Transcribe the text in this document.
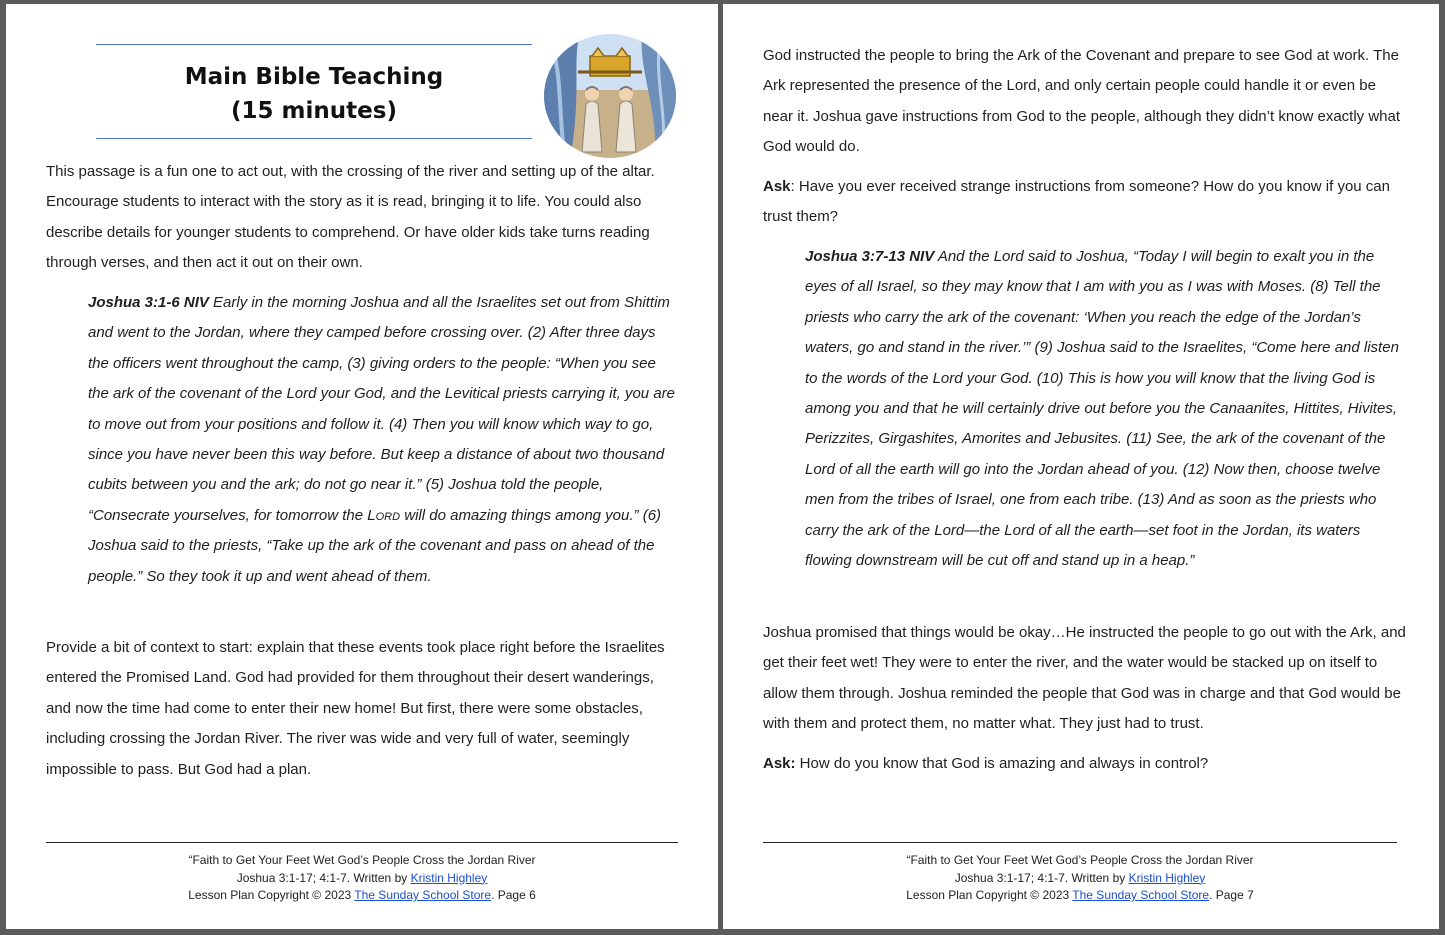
Main Bible Teaching
(15 minutes)

This passage is a fun one to act out, with the crossing of the river and setting up of the altar. Encourage students to interact with the story as it is read, bringing it to life. You could also describe details for younger students to comprehend. Or have older kids take turns reading through verses, and then act it out on their own.

Joshua 3:1-6 NIV Early in the morning Joshua and all the Israelites set out from Shittim and went to the Jordan, where they camped before crossing over. (2) After three days the officers went throughout the camp, (3) giving orders to the people: “When you see the ark of the covenant of the Lord your God, and the Levitical priests carrying it, you are to move out from your positions and follow it. (4) Then you will know which way to go, since you have never been this way before. But keep a distance of about two thousand cubits between you and the ark; do not go near it.” (5) Joshua told the people, “Consecrate yourselves, for tomorrow the Lord will do amazing things among you.” (6) Joshua said to the priests, “Take up the ark of the covenant and pass on ahead of the people.” So they took it up and went ahead of them.

Provide a bit of context to start: explain that these events took place right before the Israelites entered the Promised Land. God had provided for them throughout their desert wanderings, and now the time had come to enter their new home! But first, there were some obstacles, including crossing the Jordan River. The river was wide and very full of water, seemingly impossible to pass. But God had a plan.

“Faith to Get Your Feet Wet God’s People Cross the Jordan River
Joshua 3:1-17; 4:1-7. Written by Kristin Highley
Lesson Plan Copyright © 2023 The Sunday School Store. Page 6

God instructed the people to bring the Ark of the Covenant and prepare to see God at work. The Ark represented the presence of the Lord, and only certain people could handle it or even be near it. Joshua gave instructions from God to the people, although they didn’t know exactly what God would do.

Ask: Have you ever received strange instructions from someone? How do you know if you can trust them?

Joshua 3:7-13 NIV And the Lord said to Joshua, “Today I will begin to exalt you in the eyes of all Israel, so they may know that I am with you as I was with Moses. (8) Tell the priests who carry the ark of the covenant: ‘When you reach the edge of the Jordan’s waters, go and stand in the river.’” (9) Joshua said to the Israelites, “Come here and listen to the words of the Lord your God. (10) This is how you will know that the living God is among you and that he will certainly drive out before you the Canaanites, Hittites, Hivites, Perizzites, Girgashites, Amorites and Jebusites. (11) See, the ark of the covenant of the Lord of all the earth will go into the Jordan ahead of you. (12) Now then, choose twelve men from the tribes of Israel, one from each tribe. (13) And as soon as the priests who carry the ark of the Lord—the Lord of all the earth—set foot in the Jordan, its waters flowing downstream will be cut off and stand up in a heap.”

Joshua promised that things would be okay…He instructed the people to go out with the Ark, and get their feet wet! They were to enter the river, and the water would be stacked up on itself to allow them through. Joshua reminded the people that God was in charge and that God would be with them and protect them, no matter what. They just had to trust.

Ask: How do you know that God is amazing and always in control?

“Faith to Get Your Feet Wet God’s People Cross the Jordan River
Joshua 3:1-17; 4:1-7. Written by Kristin Highley
Lesson Plan Copyright © 2023 The Sunday School Store. Page 7
